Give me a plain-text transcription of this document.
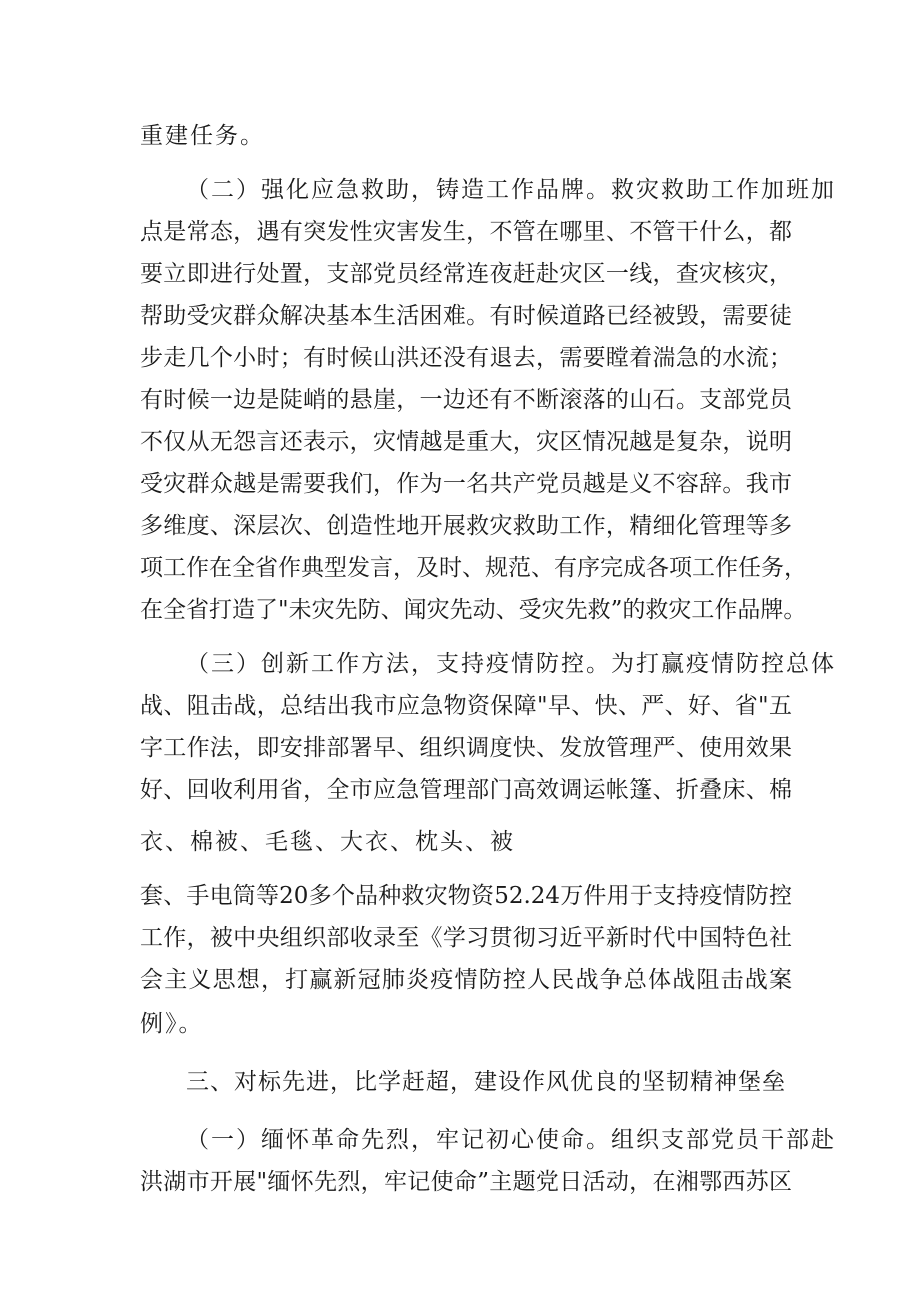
重建任务。
（二）强化应急救助，铸造工作品牌。救灾救助工作加班加
点是常态，遇有突发性灾害发生，不管在哪里、不管干什么，都
要立即进行处置，支部党员经常连夜赶赴灾区一线，查灾核灾，
帮助受灾群众解决基本生活困难。有时候道路已经被毁，需要徒
步走几个小时；有时候山洪还没有退去，需要瞠着湍急的水流；
有时候一边是陡峭的悬崖，一边还有不断滚落的山石。支部党员
不仅从无怨言还表示，灾情越是重大，灾区情况越是复杂，说明
受灾群众越是需要我们，作为一名共产党员越是义不容辞。我市
多维度、深层次、创造性地开展救灾救助工作，精细化管理等多
项工作在全省作典型发言，及时、规范、有序完成各项工作任务，
在全省打造了"未灾先防、闻灾先动、受灾先救”的救灾工作品牌。
（三）创新工作方法，支持疫情防控。为打赢疫情防控总体
战、阻击战，总结出我市应急物资保障"早、快、严、好、省"五
字工作法，即安排部署早、组织调度快、发放管理严、使用效果
好、回收利用省，全市应急管理部门高效调运帐篷、折叠床、棉
衣、棉被、毛毯、大衣、枕头、被
套、手电筒等20多个品种救灾物资52.24万件用于支持疫情防控
工作，被中央组织部收录至《学习贯彻习近平新时代中国特色社
会主义思想，打赢新冠肺炎疫情防控人民战争总体战阻击战案
例》。
三、对标先进，比学赶超，建设作风优良的坚韧精神堡垒
（一）缅怀革命先烈，牢记初心使命。组织支部党员干部赴
洪湖市开展"缅怀先烈，牢记使命”主题党日活动，在湘鄂西苏区
